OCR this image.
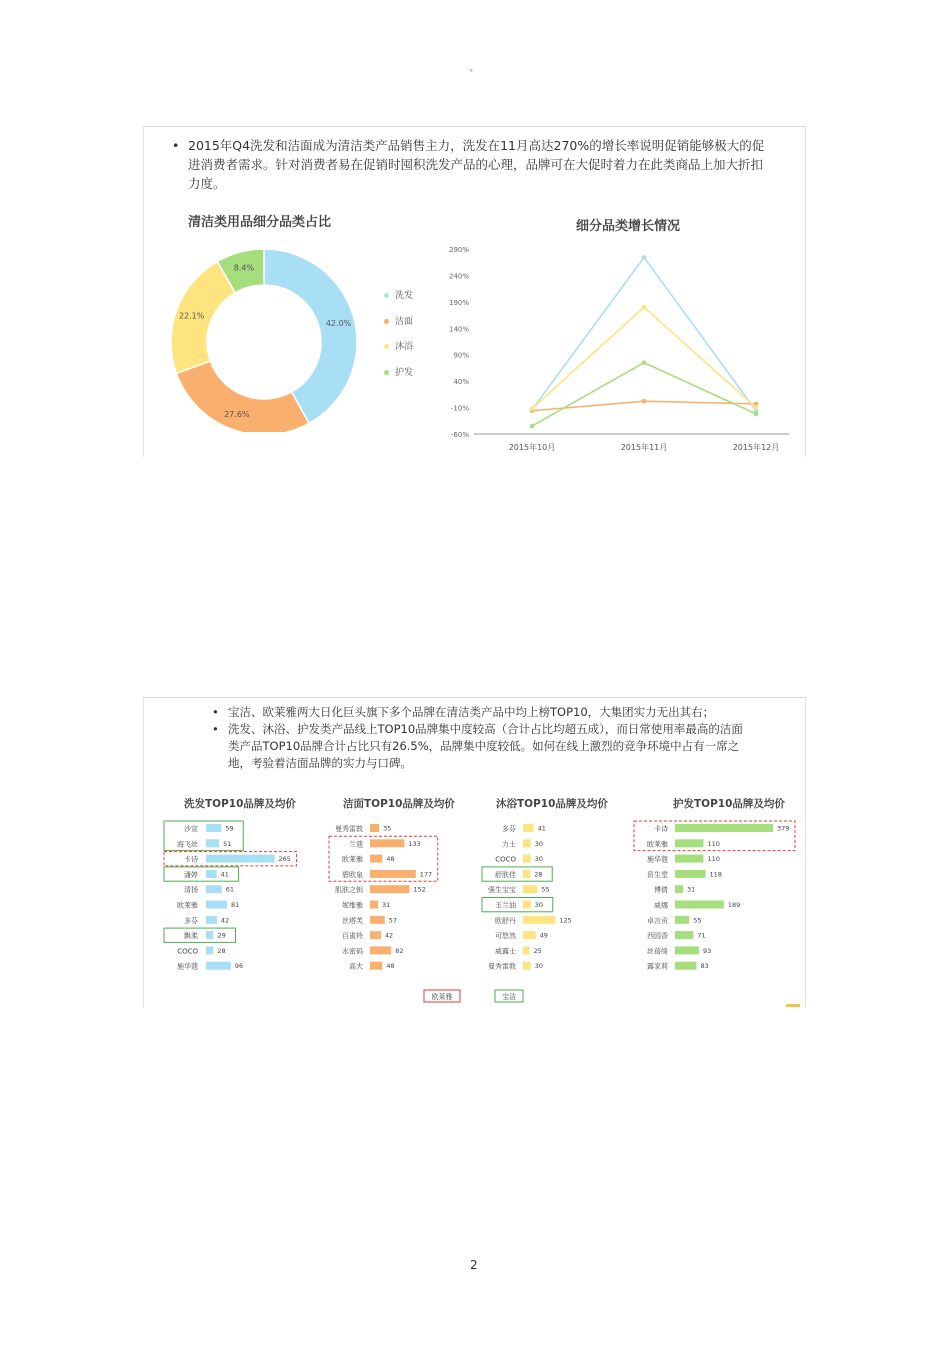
˚
• 2015年Q4洗发和洁面成为清洁类产品销售主力，洗发在11月高达270%的增长率说明促销能够极大的促进消费者需求。针对消费者易在促销时囤积洗发产品的心理，品牌可在大促时着力在此类商品上加大折扣力度。
清洁类用品细分品类占比
42.0%
27.6%
22.1%
8.4%
洗发
洁面
沐浴
护发
细分品类增长情况
290%
240%
190%
140%
90%
40%
-10%
-60%
2015年10月	2015年11月	2015年12月
• 宝洁、欧莱雅两大日化巨头旗下多个品牌在清洁类产品中均上榜TOP10，大集团实力无出其右；
• 洗发、沐浴、护发类产品线上TOP10品牌集中度较高（合计占比均超五成），而日常使用率最高的洁面类产品TOP10品牌合计占比只有26.5%，品牌集中度较低。如何在线上激烈的竞争环境中占有一席之地，考验着洁面品牌的实力与口碑。
洗发TOP10品牌及均价	洁面TOP10品牌及均价	沐浴TOP10品牌及均价	护发TOP10品牌及均价
沙宣	59
海飞丝	51
卡诗	265
潘婷	41
清扬	61
欧莱雅	81
多芬	42
飘柔	29
COCO	28
施华蔻	96
曼秀雷敦	35
兰蔻	133
欧莱雅	48
碧欧泉	177
肌肤之钥	152
妮维雅	31
丝塔芙	57
百雀羚	42
水密码	82
高夫	48
多芬	41
力士	30
COCO	30
舒肤佳	28
强生宝宝	55
玉兰油	30
欧舒丹	125
可悠然	49
威露士	25
曼秀雷敦	30
卡诗	379
欧莱雅	110
施华蔻	110
资生堂	118
博倩	31
威娜	189
卓言贡	55
西园香	71
丝蓓绮	93
露家莉	83
欧莱雅	宝洁
2
